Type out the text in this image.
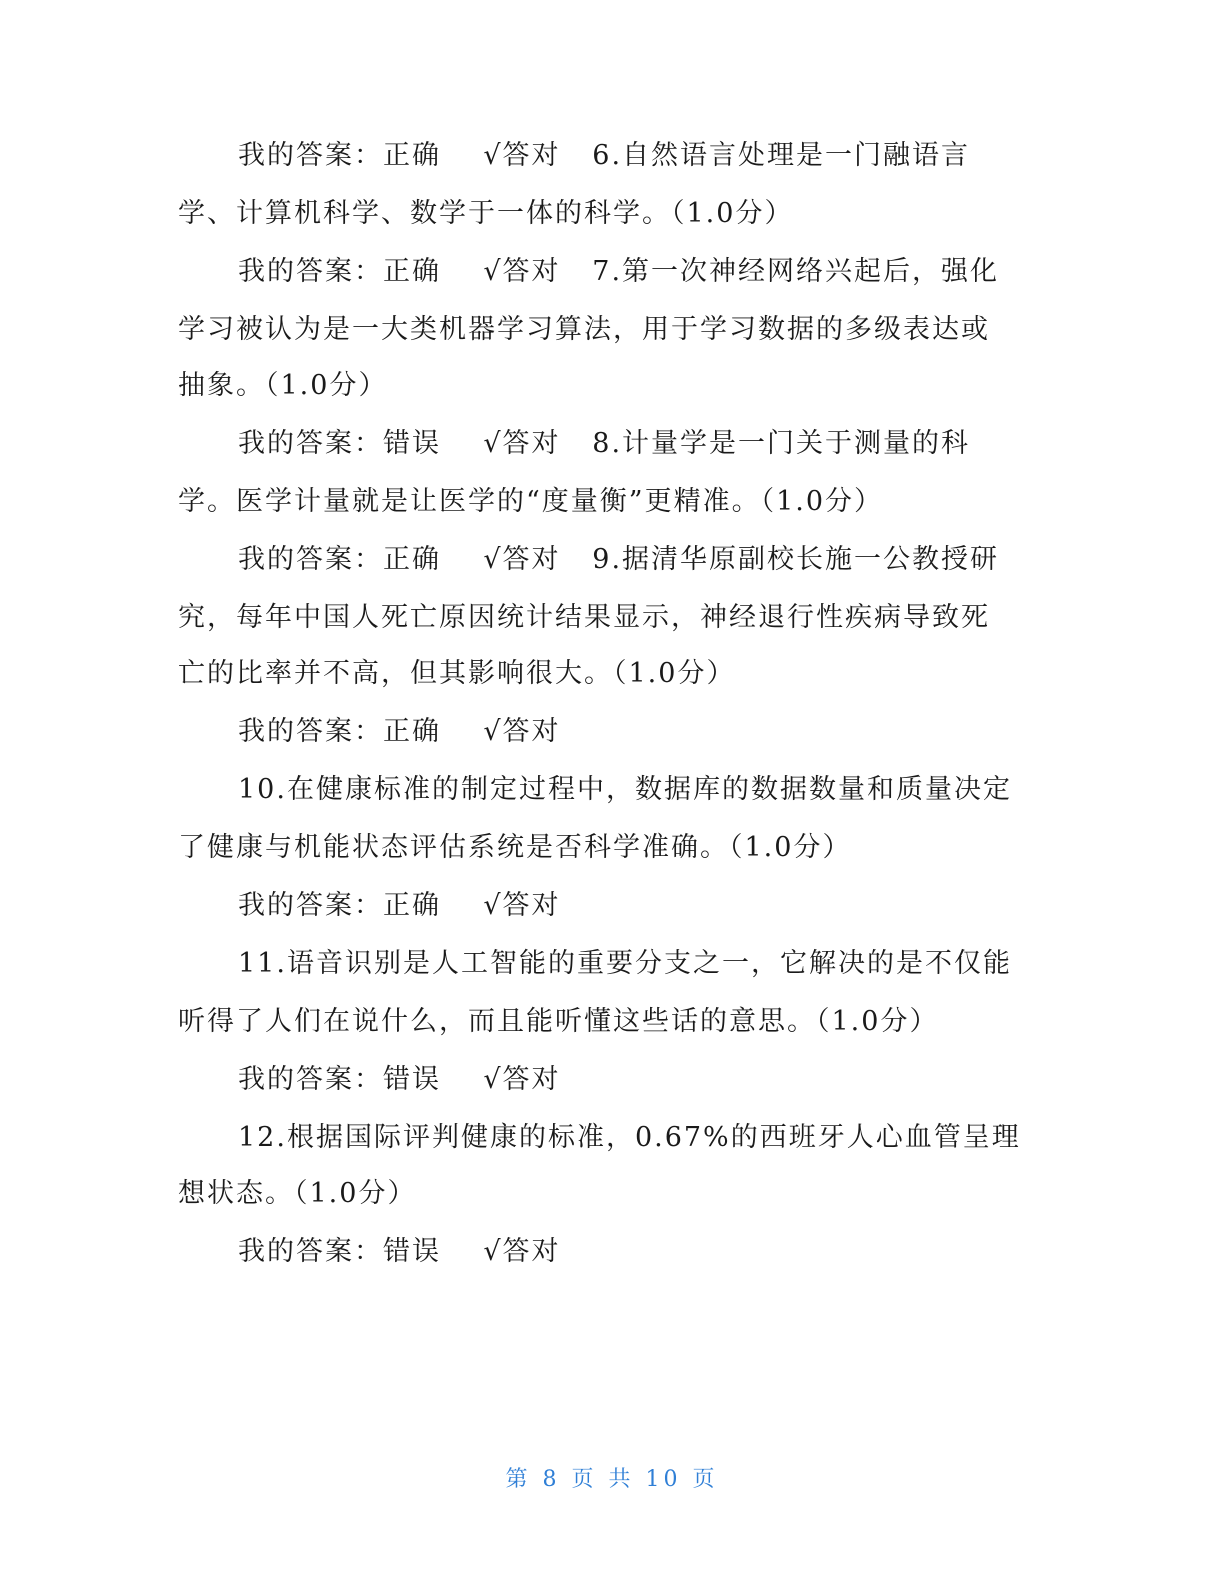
我的答案：正确    √答对   6.自然语言处理是一门融语言
学、计算机科学、数学于一体的科学。（1.0分）
我的答案：正确    √答对   7.第一次神经网络兴起后，强化
学习被认为是一大类机器学习算法，用于学习数据的多级表达或
抽象。（1.0分）
我的答案：错误    √答对   8.计量学是一门关于测量的科
学。医学计量就是让医学的“度量衡”更精准。（1.0分）
我的答案：正确    √答对   9.据清华原副校长施一公教授研
究，每年中国人死亡原因统计结果显示，神经退行性疾病导致死
亡的比率并不高，但其影响很大。（1.0分）
我的答案：正确    √答对
10.在健康标准的制定过程中，数据库的数据数量和质量决定
了健康与机能状态评估系统是否科学准确。（1.0分）
我的答案：正确    √答对
11.语音识别是人工智能的重要分支之一，它解决的是不仅能
听得了人们在说什么，而且能听懂这些话的意思。（1.0分）
我的答案：错误    √答对
12.根据国际评判健康的标准，0.67%的西班牙人心血管呈理
想状态。（1.0分）
我的答案：错误    √答对
第 8 页 共 10 页
